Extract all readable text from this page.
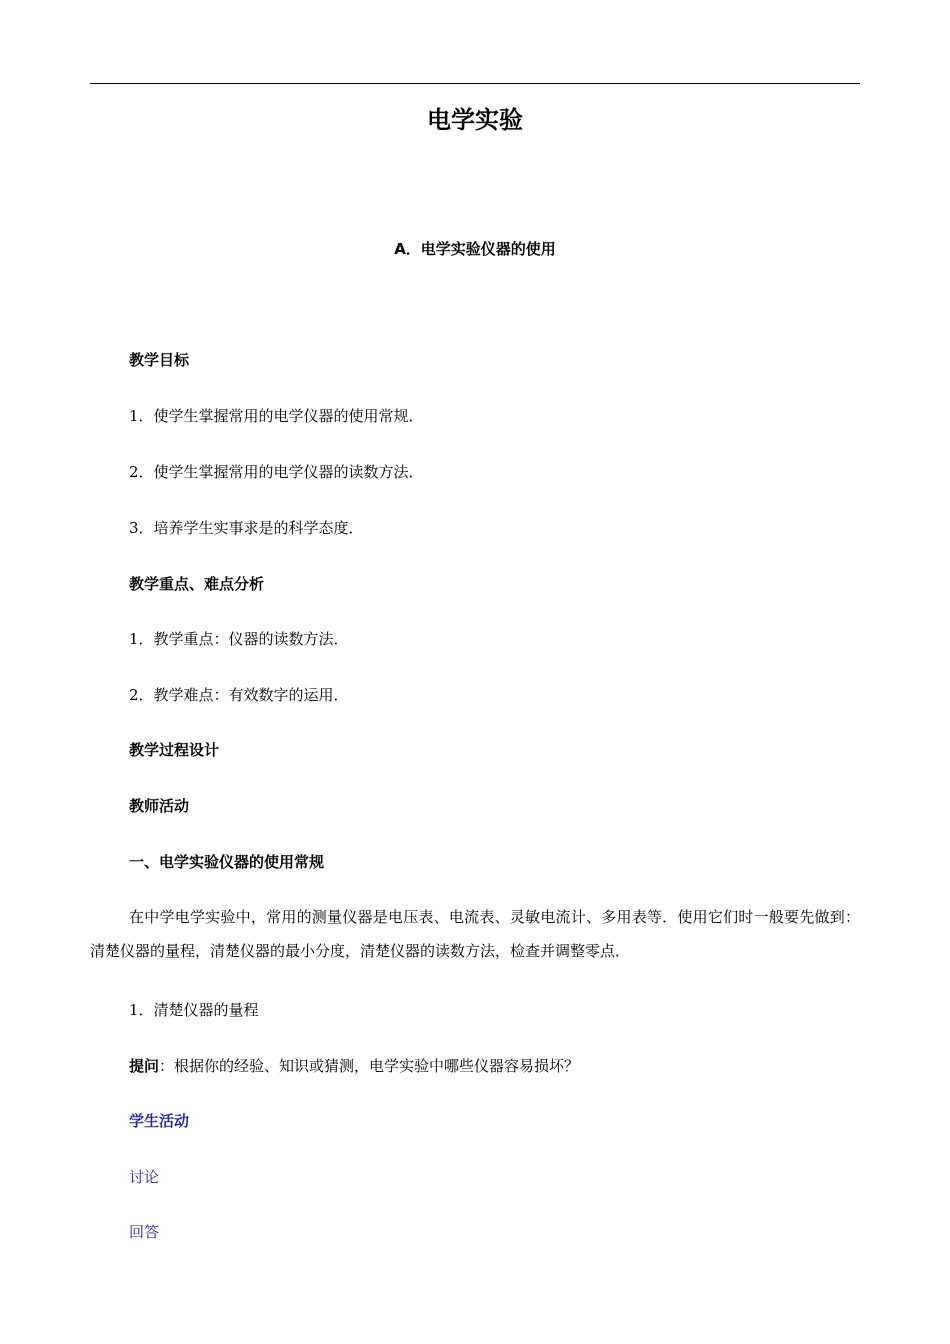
电学实验
A．电学实验仪器的使用

教学目标

1．使学生掌握常用的电学仪器的使用常规．

2．使学生掌握常用的电学仪器的读数方法．

3．培养学生实事求是的科学态度．

教学重点、难点分析

1．教学重点：仪器的读数方法．

2．教学难点：有效数字的运用．

教学过程设计

教师活动

一、电学实验仪器的使用常规

在中学电学实验中，常用的测量仪器是电压表、电流表、灵敏电流计、多用表等．使用它们时一般要先做到：清楚仪器的量程，清楚仪器的最小分度，清楚仪器的读数方法，检查并调整零点．

1．清楚仪器的量程

提问：根据你的经验、知识或猜测，电学实验中哪些仪器容易损坏？

学生活动

讨论

回答
